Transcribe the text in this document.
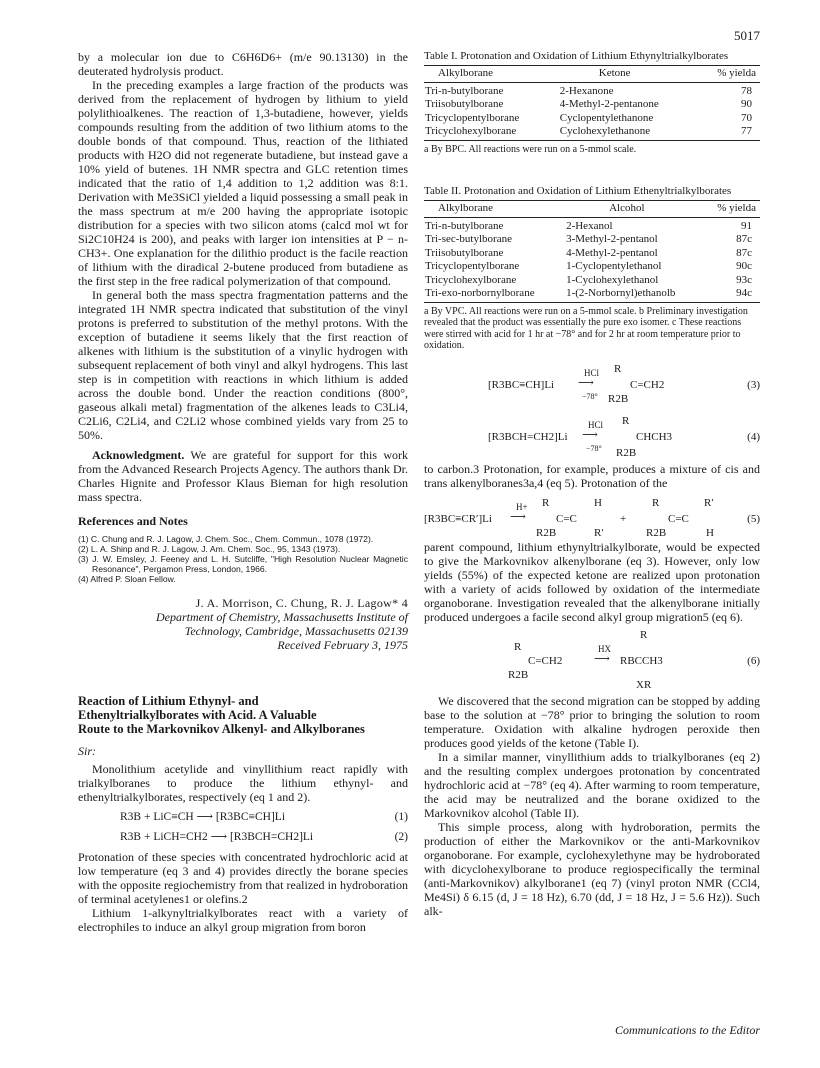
5017

by a molecular ion due to C6H6D6+ (m/e 90.13130) in the deuterated hydrolysis product.

In the preceding examples a large fraction of the products was derived from the replacement of hydrogen by lithium to yield polylithioalkenes. The reaction of 1,3-butadiene, however, yields compounds resulting from the addition of two lithium atoms to the double bonds of that compound. Thus, reaction of the lithiated products with H2O did not regenerate butadiene, but instead gave a 10% yield of butenes. 1H NMR spectra and GLC retention times indicated that the ratio of 1,4 addition to 1,2 addition was 8:1. Derivation with Me3SiCl yielded a liquid possessing a small peak in the mass spectrum at m/e 200 having the appropriate isotopic distribution for a species with two silicon atoms (calcd mol wt for Si2C10H24 is 200), and peaks with larger ion intensities at P − n-CH3+. One explanation for the dilithio product is the facile reaction of lithium with the diradical 2-butene produced from butadiene as the first step in the free radical polymerization of that compound.

In general both the mass spectra fragmentation patterns and the integrated 1H NMR spectra indicated that substitution of the vinyl protons is preferred to substitution of the methyl protons. With the exception of butadiene it seems likely that the first reaction of alkenes with lithium is the substitution of a vinylic hydrogen with subsequent replacement of both vinyl and alkyl hydrogens. This last step is in competition with reactions in which lithium is added across the double bond. Under the reaction conditions (800°, gaseous alkali metal) fragmentation of the alkenes leads to C3Li4, C2Li6, C2Li4, and C2Li2 whose combined yields vary from 25 to 50%.

Acknowledgment. We are grateful for support for this work from the Advanced Research Projects Agency. The authors thank Dr. Charles Hignite and Professor Klaus Bieman for high resolution mass spectra.

References and Notes
(1) C. Chung and R. J. Lagow, J. Chem. Soc., Chem. Commun., 1078 (1972).
(2) L. A. Shinp and R. J. Lagow, J. Am. Chem. Soc., 95, 1343 (1973).
(3) J. W. Emsley, J. Feeney and L. H. Sutcliffe, "High Resolution Nuclear Magnetic Resonance", Pergamon Press, London, 1966.
(4) Alfred P. Sloan Fellow.
J. A. Morrison, C. Chung, R. J. Lagow* 4
Department of Chemistry, Massachusetts Institute of
Technology, Cambridge, Massachusetts 02139
Received February 3, 1975
Reaction of Lithium Ethynyl- and
Ethenyltrialkylborates with Acid. A Valuable
Route to the Markovnikov Alkenyl- and Alkylboranes
Sir:

Monolithium acetylide and vinyllithium react rapidly with trialkylboranes to produce the lithium ethynyl- and ethenyltrialkylborates, respectively (eq 1 and 2).

R3B + LiC≡CH ⟶ [R3BC≡CH]Li	(1)
R3B + LiCH=CH2 ⟶ [R3BCH=CH2]Li	(2)

Protonation of these species with concentrated hydrochloric acid at low temperature (eq 3 and 4) provides directly the borane species with the opposite regiochemistry from that realized in hydroboration of terminal acetylenes1 or olefins.2

Lithium 1-alkynyltrialkylborates react with a variety of electrophiles to induce an alkyl group migration from boron

Table I. Protonation and Oxidation of Lithium Ethynyltrialkylborates
Alkylborane	Ketone	% yielda
Tri-n-butylborane	2-Hexanone	78
Triisobutylborane	4-Methyl-2-pentanone	90
Tricyclopentylborane	Cyclopentylethanone	70
Tricyclohexylborane	Cyclohexylethanone	77
a By BPC. All reactions were run on a 5-mmol scale.
Table II. Protonation and Oxidation of Lithium Ethenyltrialkylborates
Alkylborane	Alcohol	% yielda
Tri-n-butylborane	2-Hexanol	91
Tri-sec-butylborane	3-Methyl-2-pentanol	87c
Triisobutylborane	4-Methyl-2-pentanol	87c
Tricyclopentylborane	1-Cyclopentylethanol	90c
Tricyclohexylborane	1-Cyclohexylethanol	93c
Tri-exo-norbornylborane	1-(2-Norbornyl)ethanolb	94c
a By VPC. All reactions were run on a 5-mmol scale. b Preliminary investigation revealed that the product was essentially the pure exo isomer. c These reactions were stirred with acid for 1 hr at −78° and for 2 hr at room temperature prior to oxidation.
[R3BC≡CH]Li
HCl
⟶
−78°
R
C=CH2
R2B
(3)
[R3BCH=CH2]Li
HCl
⟶
−78°
R
CHCH3
R2B
(4)

to carbon.3 Protonation, for example, produces a mixture of cis and trans alkenylboranes3a,4 (eq 5). Protonation of the

[R3BC≡CR′]Li
H+
⟶
R	H
C=C
R2B	R′
+
R	R′
C=C
R2B	H
(5)

parent compound, lithium ethynyltrialkylborate, would be expected to give the Markovnikov alkenylborane (eq 3). However, only low yields (55%) of the expected ketone are realized upon protonation with a variety of acids followed by oxidation of the intermediate organoborane. Investigation revealed that the alkenylborane initially produced undergoes a facile second alkyl group migration5 (eq 6).

R
R
C=CH2
R2B
HX
⟶ RBCCH3
XR
(6)

We discovered that the second migration can be stopped by adding base to the solution at −78° prior to bringing the solution to room temperature. Oxidation with alkaline hydrogen peroxide then produces good yields of the ketone (Table I).

In a similar manner, vinyllithium adds to trialkylboranes (eq 2) and the resulting complex undergoes protonation by concentrated hydrochloric acid at −78° (eq 4). After warming to room temperature, the acid may be neutralized and the borane oxidized to the Markovnikov alcohol (Table II).

This simple process, along with hydroboration, permits the production of either the Markovnikov or the anti-Markovnikov organoborane. For example, cyclohexylethyne may be hydroborated with dicyclohexylborane to produce regiospecifically the terminal (anti-Markovnikov) alkylborane1 (eq 7) (vinyl proton NMR (CCl4, Me4Si) δ 6.15 (d, J = 18 Hz), 6.70 (dd, J = 18 Hz, J = 5.6 Hz)). Such alk-

Communications to the Editor
